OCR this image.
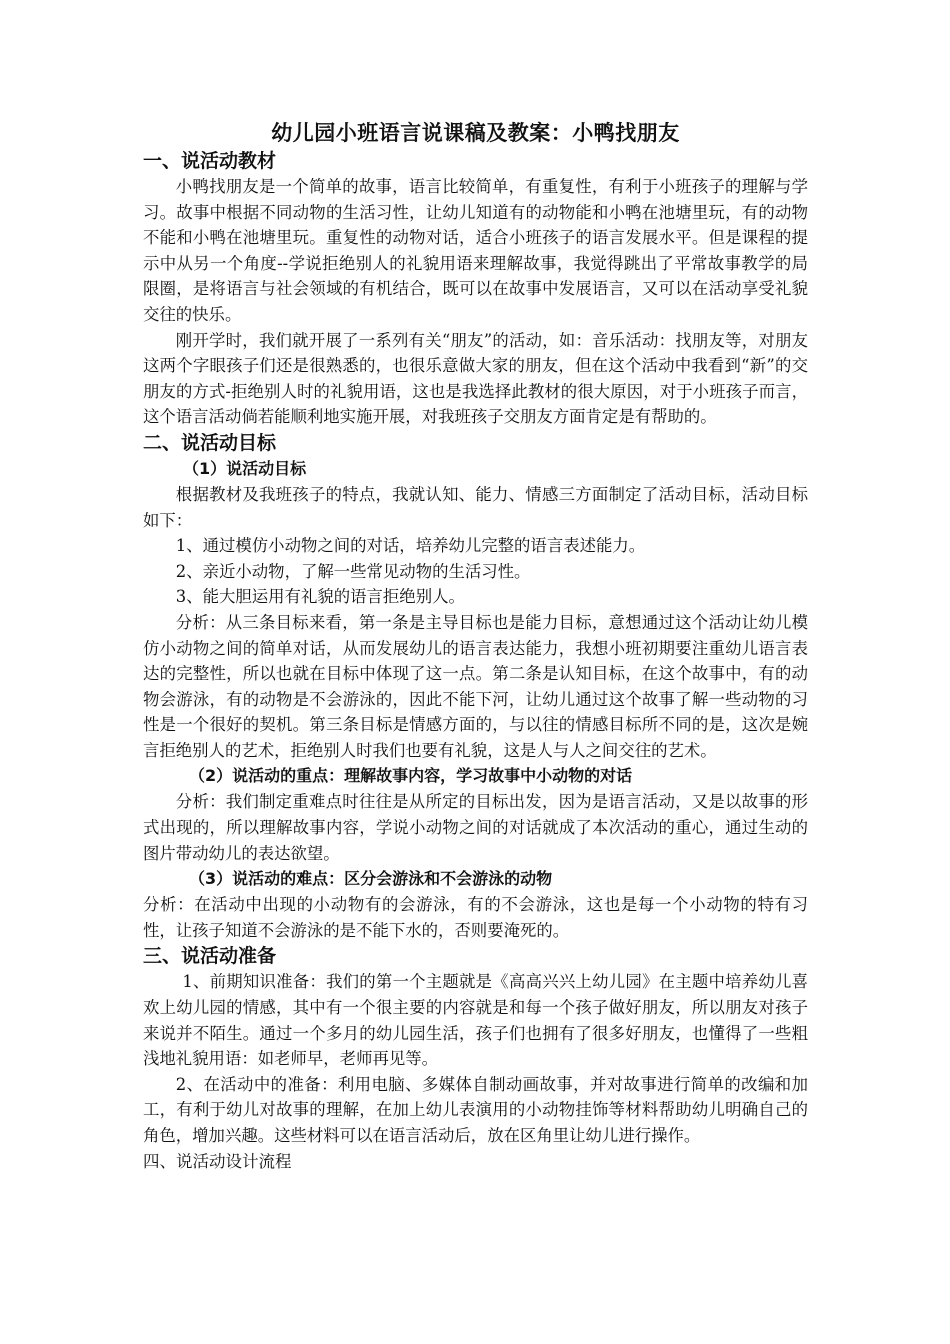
幼儿园小班语言说课稿及教案：小鸭找朋友
一、说活动教材

小鸭找朋友是一个简单的故事，语言比较简单，有重复性，有利于小班孩子的理解与学习。故事中根据不同动物的生活习性，让幼儿知道有的动物能和小鸭在池塘里玩，有的动物不能和小鸭在池塘里玩。重复性的动物对话，适合小班孩子的语言发展水平。但是课程的提示中从另一个角度--学说拒绝别人的礼貌用语来理解故事，我觉得跳出了平常故事教学的局限圈，是将语言与社会领域的有机结合，既可以在故事中发展语言，又可以在活动享受礼貌交往的快乐。

刚开学时，我们就开展了一系列有关“朋友”的活动，如：音乐活动：找朋友等，对朋友这两个字眼孩子们还是很熟悉的，也很乐意做大家的朋友，但在这个活动中我看到“新”的交朋友的方式-拒绝别人时的礼貌用语，这也是我选择此教材的很大原因，对于小班孩子而言，这个语言活动倘若能顺利地实施开展，对我班孩子交朋友方面肯定是有帮助的。

二、说活动目标
（1）说活动目标

根据教材及我班孩子的特点，我就认知、能力、情感三方面制定了活动目标，活动目标如下：

1、通过模仿小动物之间的对话，培养幼儿完整的语言表述能力。

2、亲近小动物，了解一些常见动物的生活习性。

3、能大胆运用有礼貌的语言拒绝别人。

分析：从三条目标来看，第一条是主导目标也是能力目标，意想通过这个活动让幼儿模仿小动物之间的简单对话，从而发展幼儿的语言表达能力，我想小班初期要注重幼儿语言表达的完整性，所以也就在目标中体现了这一点。第二条是认知目标，在这个故事中，有的动物会游泳，有的动物是不会游泳的，因此不能下河，让幼儿通过这个故事了解一些动物的习性是一个很好的契机。第三条目标是情感方面的，与以往的情感目标所不同的是，这次是婉言拒绝别人的艺术，拒绝别人时我们也要有礼貌，这是人与人之间交往的艺术。

（2）说活动的重点：理解故事内容，学习故事中小动物的对话

分析：我们制定重难点时往往是从所定的目标出发，因为是语言活动，又是以故事的形式出现的，所以理解故事内容，学说小动物之间的对话就成了本次活动的重心，通过生动的图片带动幼儿的表达欲望。

（3）说活动的难点：区分会游泳和不会游泳的动物

分析：在活动中出现的小动物有的会游泳，有的不会游泳，这也是每一个小动物的特有习性，让孩子知道不会游泳的是不能下水的，否则要淹死的。

三、说活动准备

1、前期知识准备：我们的第一个主题就是《高高兴兴上幼儿园》在主题中培养幼儿喜欢上幼儿园的情感，其中有一个很主要的内容就是和每一个孩子做好朋友，所以朋友对孩子来说并不陌生。通过一个多月的幼儿园生活，孩子们也拥有了很多好朋友，也懂得了一些粗浅地礼貌用语：如老师早，老师再见等。

2、在活动中的准备：利用电脑、多媒体自制动画故事，并对故事进行简单的改编和加工，有利于幼儿对故事的理解，在加上幼儿表演用的小动物挂饰等材料帮助幼儿明确自己的角色，增加兴趣。这些材料可以在语言活动后，放在区角里让幼儿进行操作。

四、说活动设计流程
